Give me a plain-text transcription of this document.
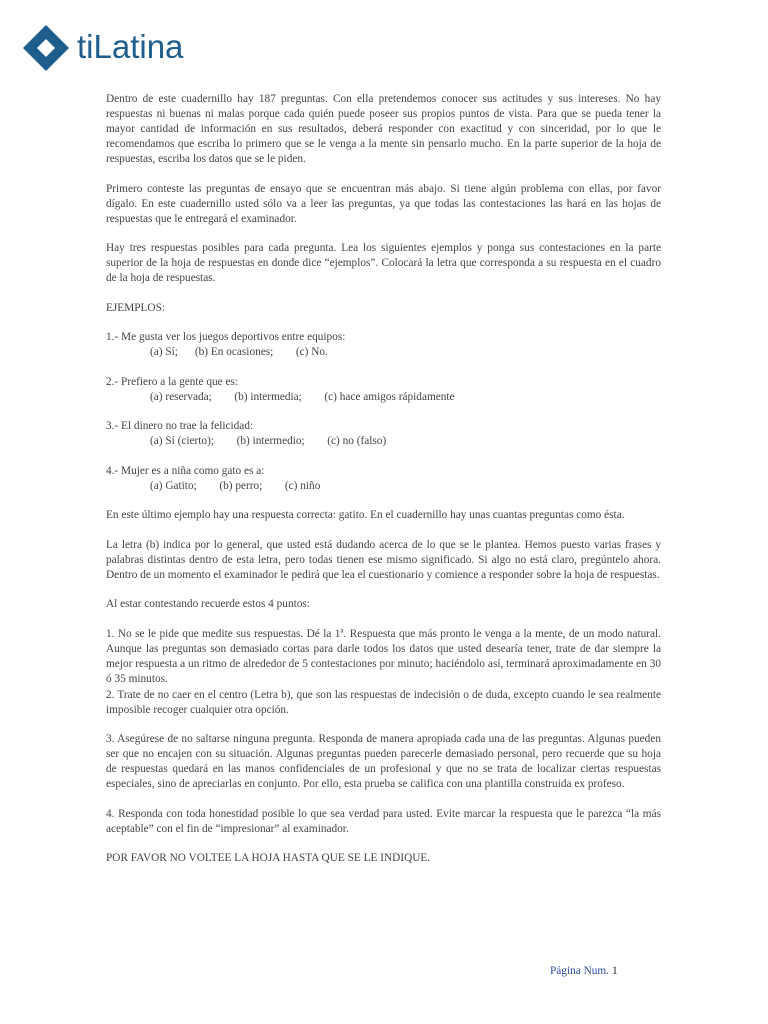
tiLatina

Dentro de este cuadernillo hay 187 preguntas. Con ella pretendemos conocer sus actitudes y sus intereses. No hay respuestas ni buenas ni malas porque cada quién puede poseer sus propios puntos de vista. Para que se pueda tener la mayor cantidad de información en sus resultados, deberá responder con exactitud y con sinceridad, por lo que le recomendamos que escriba lo primero que se le venga a la mente sin pensarlo mucho. En la parte superior de la hoja de respuestas, escriba los datos que se le piden.

Primero conteste las preguntas de ensayo que se encuentran más abajo. Si tiene algún problema con ellas, por favor dígalo. En este cuadernillo usted sólo va a leer las preguntas, ya que todas las contestaciones las hará en las hojas de respuestas que le entregará el examinador.

Hay tres respuestas posibles para cada pregunta. Lea los siguientes ejemplos y ponga sus contestaciones en la parte superior de la hoja de respuestas en donde dice “ejemplos”. Colocará la letra que corresponda a su respuesta en el cuadro de la hoja de respuestas.

EJEMPLOS:

1.- Me gusta ver los juegos deportivos entre equipos:
(a) Sí;      (b) En ocasiones;        (c) No.
2.- Prefiero a la gente que es:
(a) reservada;        (b) intermedia;        (c) hace amigos rápidamente
3.- El dinero no trae la felicidad:
(a) Sí (cierto);        (b) intermedio;        (c) no (falso)
4.- Mujer es a niña como gato es a:
(a) Gatito;        (b) perro;        (c) niño

En este último ejemplo hay una respuesta correcta: gatito. En el cuadernillo hay unas cuantas preguntas como ésta.

La letra (b) indica por lo general, que usted está dudando acerca de lo que se le plantea. Hemos puesto varias frases y palabras distintas dentro de esta letra, pero todas tienen ese mismo significado. Si algo no está claro, pregúntelo ahora. Dentro de un momento el examinador le pedirá que lea el cuestionario y comience a responder sobre la hoja de respuestas.

Al estar contestando recuerde estos 4 puntos:

1. No se le pide que medite sus respuestas. Dé la 1ª. Respuesta que más pronto le venga a la mente, de un modo natural. Aunque las preguntas son demasiado cortas para darle todos los datos que usted desearía tener, trate de dar siempre la mejor respuesta a un ritmo de alrededor de 5 contestaciones por minuto; haciéndolo así, terminará aproximadamente en 30 ó 35 minutos.

2. Trate de no caer en el centro (Letra b), que son las respuestas de indecisión o de duda, excepto cuando le sea realmente imposible recoger cualquier otra opción.

3. Asegúrese de no saltarse ninguna pregunta. Responda de manera apropiada cada una de las preguntas. Algunas pueden ser que no encajen con su situación. Algunas preguntas pueden parecerle demasiado personal, pero recuerde que su hoja de respuestas quedará en las manos confidenciales de un profesional y que no se trata de localizar ciertas respuestas especiales, sino de apreciarlas en conjunto. Por ello, esta prueba se califica con una plantilla construida ex profeso.

4. Responda con toda honestidad posible lo que sea verdad para usted. Evite marcar la respuesta que le parezca “la más aceptable” con el fin de “impresionar” al examinador.

POR FAVOR NO VOLTEE LA HOJA HASTA QUE SE LE INDIQUE.

Página Num. 1
